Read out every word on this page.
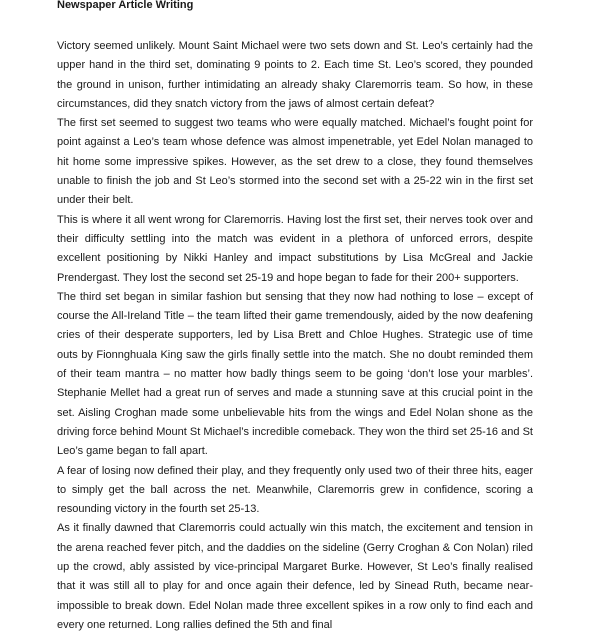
Newspaper Article Writing

Victory seemed unlikely. Mount Saint Michael were two sets down and St. Leo’s certainly had the upper hand in the third set, dominating 9 points to 2. Each time St. Leo’s scored, they pounded the ground in unison, further intimidating an already shaky Claremorris team. So how, in these circumstances, did they snatch victory from the jaws of almost certain defeat?

The first set seemed to suggest two teams who were equally matched. Michael’s fought point for point against a Leo’s team whose defence was almost impenetrable, yet Edel Nolan managed to hit home some impressive spikes. However, as the set drew to a close, they found themselves unable to finish the job and St Leo’s stormed into the second set with a 25-22 win in the first set under their belt.

This is where it all went wrong for Claremorris. Having lost the first set, their nerves took over and their difficulty settling into the match was evident in a plethora of unforced errors, despite excellent positioning by Nikki Hanley and impact substitutions by Lisa McGreal and Jackie Prendergast. They lost the second set 25-19 and hope began to fade for their 200+ supporters.

The third set began in similar fashion but sensing that they now had nothing to lose – except of course the All-Ireland Title – the team lifted their game tremendously, aided by the now deafening cries of their desperate supporters, led by Lisa Brett and Chloe Hughes. Strategic use of time outs by Fionnghuala King saw the girls finally settle into the match. She no doubt reminded them of their team mantra – no matter how badly things seem to be going ‘don’t lose your marbles’. Stephanie Mellet had a great run of serves and made a stunning save at this crucial point in the set. Aisling Croghan made some unbelievable hits from the wings and Edel Nolan shone as the driving force behind Mount St Michael’s incredible comeback. They won the third set 25-16 and St Leo’s game began to fall apart.

A fear of losing now defined their play, and they frequently only used two of their three hits, eager to simply get the ball across the net. Meanwhile, Claremorris grew in confidence, scoring a resounding victory in the fourth set 25-13.

As it finally dawned that Claremorris could actually win this match, the excitement and tension in the arena reached fever pitch, and the daddies on the sideline (Gerry Croghan & Con Nolan) riled up the crowd, ably assisted by vice-principal Margaret Burke. However, St Leo’s finally realised that it was still all to play for and once again their defence, led by Sinead Ruth, became near-impossible to break down. Edel Nolan made three excellent spikes in a row only to find each and every one returned. Long rallies defined the 5th and final
